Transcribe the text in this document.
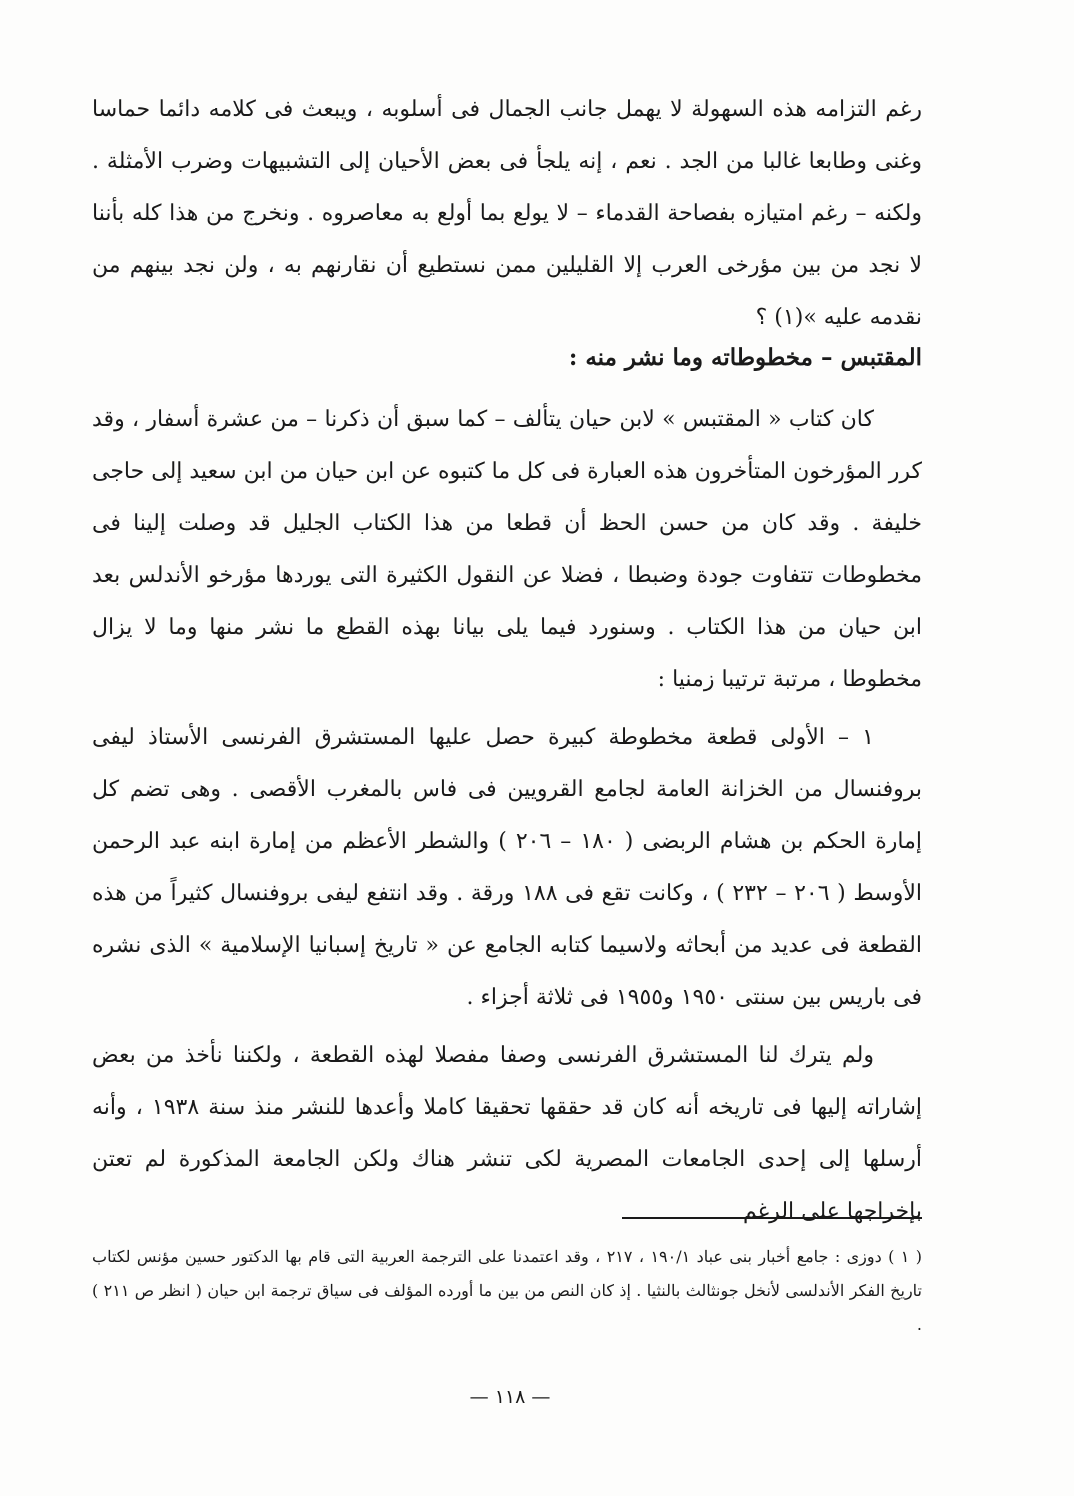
رغم التزامه هذه السهولة لا يهمل جانب الجمال فى أسلوبه ، ويبعث فى كلامه دائما حماسا وغنى وطابعا غالبا من الجد . نعم ، إنه يلجأ فى بعض الأحيان إلى التشبيهات وضرب الأمثلة . ولكنه – رغم امتيازه بفصاحة القدماء – لا يولع بما أولع به معاصروه . ونخرج من هذا كله بأننا لا نجد من بين مؤرخى العرب إلا القليلين ممن نستطيع أن نقارنهم به ، ولن نجد بينهم من نقدمه عليه »(١) ؟

المقتبس – مخطوطاته وما نشر منه :

كان كتاب « المقتبس » لابن حيان يتألف – كما سبق أن ذكرنا – من عشرة أسفار ، وقد كرر المؤرخون المتأخرون هذه العبارة فى كل ما كتبوه عن ابن حيان من ابن سعيد إلى حاجى خليفة . وقد كان من حسن الحظ أن قطعا من هذا الكتاب الجليل قد وصلت إلينا فى مخطوطات تتفاوت جودة وضبطا ، فضلا عن النقول الكثيرة التى يوردها مؤرخو الأندلس بعد ابن حيان من هذا الكتاب . وسنورد فيما يلى بيانا بهذه القطع ما نشر منها وما لا يزال مخطوطا ، مرتبة ترتيبا زمنيا :

١ – الأولى قطعة مخطوطة كبيرة حصل عليها المستشرق الفرنسى الأستاذ ليفى بروفنسال من الخزانة العامة لجامع القرويين فى فاس بالمغرب الأقصى . وهى تضم كل إمارة الحكم بن هشام الربضى ( ١٨٠ – ٢٠٦ ) والشطر الأعظم من إمارة ابنه عبد الرحمن الأوسط ( ٢٠٦ – ٢٣٢ ) ، وكانت تقع فى ١٨٨ ورقة . وقد انتفع ليفى بروفنسال كثيراً من هذه القطعة فى عديد من أبحاثه ولاسيما كتابه الجامع عن « تاريخ إسبانيا الإسلامية » الذى نشره فى باريس بين سنتى ١٩٥٠ و١٩٥٥ فى ثلاثة أجزاء .

ولم يترك لنا المستشرق الفرنسى وصفا مفصلا لهذه القطعة ، ولكننا نأخذ من بعض إشاراته إليها فى تاريخه أنه كان قد حققها تحقيقا كاملا وأعدها للنشر منذ سنة ١٩٣٨ ، وأنه أرسلها إلى إحدى الجامعات المصرية لكى تنشر هناك ولكن الجامعة المذكورة لم تعتن بإخراجها على الرغم

( ١ ) دوزى : جامع أخبار بنى عباد ١٩٠/١ ، ٢١٧ ، وقد اعتمدنا على الترجمة العربية التى قام بها الدكتور حسين مؤنس لكتاب تاريخ الفكر الأندلسى لأنخل جونثالث بالنثيا . إذ كان النص من بين ما أورده المؤلف فى سياق ترجمة ابن حيان ( انظر ص ٢١١ ) .

— ١١٨ —
